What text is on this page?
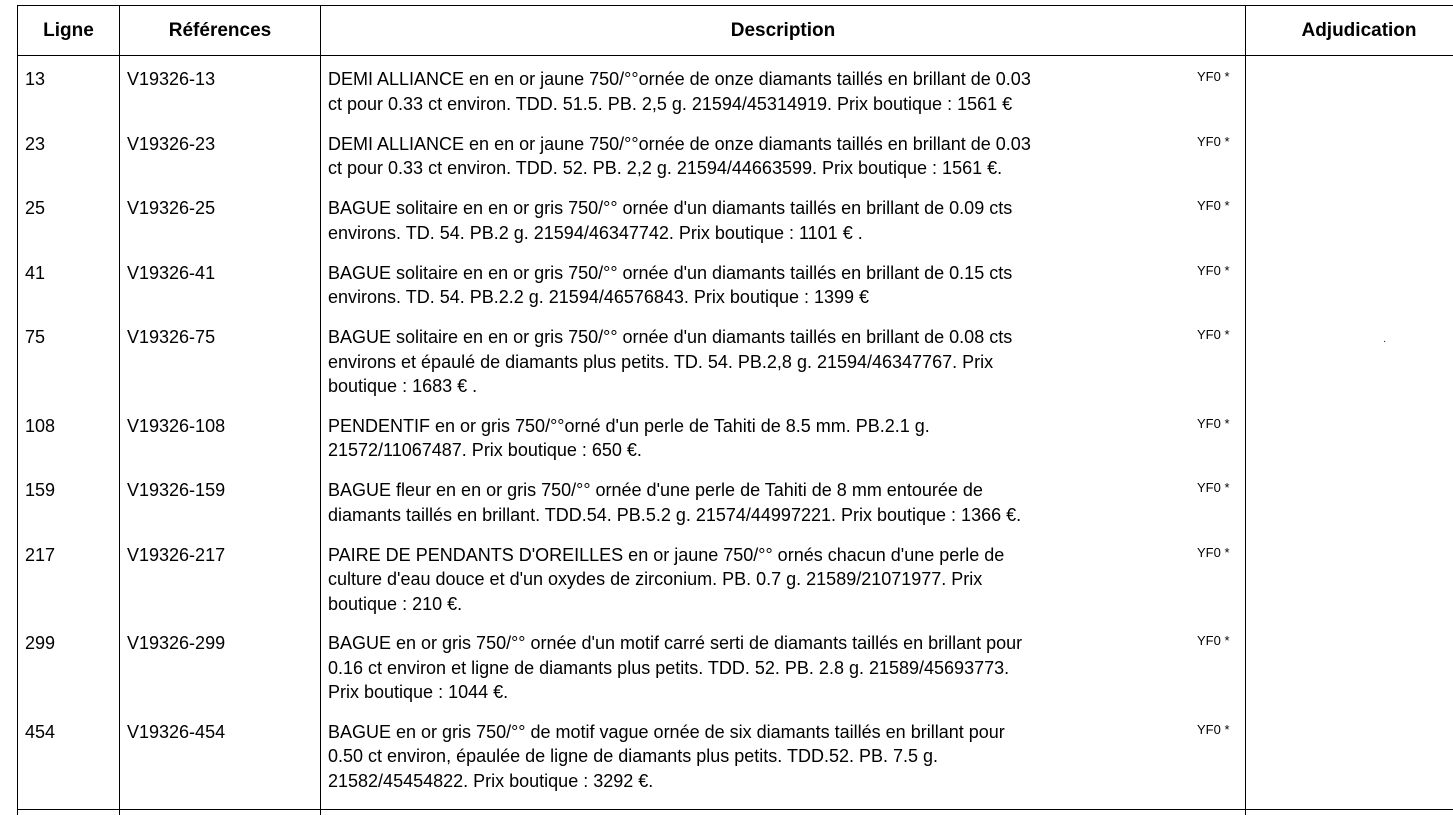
Ligne	Références	Description	Adjudication
13	V19326-13	DEMI ALLIANCE en en or jaune 750/°°ornée de onze diamants taillés en brillant de 0.03
ct pour 0.33 ct environ. TDD. 51.5. PB. 2,5 g. 21594/45314919. Prix boutique : 1561 €
YF0 *
23	V19326-23	DEMI ALLIANCE en en or jaune 750/°°ornée de onze diamants taillés en brillant de 0.03
ct pour 0.33 ct environ. TDD. 52. PB. 2,2 g. 21594/44663599. Prix boutique : 1561 €.
YF0 *
25	V19326-25	BAGUE solitaire en en or gris 750/°° ornée d'un diamants taillés en brillant de 0.09 cts
environs. TD. 54. PB.2 g. 21594/46347742. Prix boutique : 1101 € .
YF0 *
41	V19326-41	BAGUE solitaire en en or gris 750/°° ornée d'un diamants taillés en brillant de 0.15 cts
environs. TD. 54. PB.2.2 g. 21594/46576843. Prix boutique : 1399 €
YF0 *
75	V19326-75	BAGUE solitaire en en or gris 750/°° ornée d'un diamants taillés en brillant de 0.08 cts
environs et épaulé de diamants plus petits. TD. 54. PB.2,8 g. 21594/46347767. Prix
boutique : 1683 € .
YF0 *
108	V19326-108	PENDENTIF en or gris 750/°°orné d'un perle de Tahiti de 8.5 mm. PB.2.1 g.
21572/11067487. Prix boutique : 650 €.
YF0 *
159	V19326-159	BAGUE fleur en en or gris 750/°° ornée d'une perle de Tahiti de 8 mm entourée de
diamants taillés en brillant. TDD.54. PB.5.2 g. 21574/44997221. Prix boutique : 1366 €.
YF0 *
217	V19326-217	PAIRE DE PENDANTS D'OREILLES en or jaune 750/°° ornés chacun d'une perle de
culture d'eau douce et d'un oxydes de zirconium. PB. 0.7 g. 21589/21071977. Prix
boutique : 210 €.
YF0 *
299	V19326-299	BAGUE en or gris 750/°° ornée d'un motif carré serti de diamants taillés en brillant pour
0.16 ct environ et ligne de diamants plus petits. TDD. 52. PB. 2.8 g. 21589/45693773.
Prix boutique : 1044 €.
YF0 *
454	V19326-454	BAGUE en or gris 750/°° de motif vague ornée de six diamants taillés en brillant pour
0.50 ct environ, épaulée de ligne de diamants plus petits. TDD.52. PB. 7.5 g.
21582/45454822. Prix boutique : 3292 €.
YF0 *
·
